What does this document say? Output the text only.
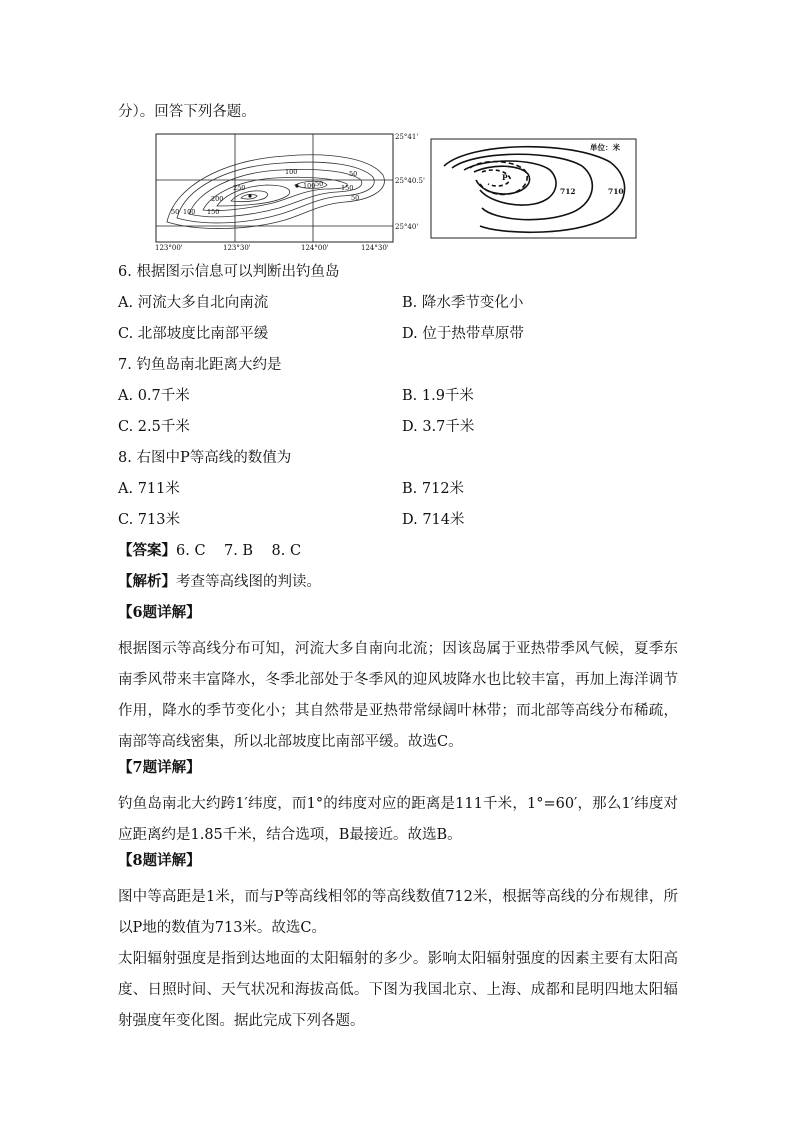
分）。回答下列各题。
250
200
150
100
50
100	50
50
100	150
50
25°41'
25°40.5'
25°40'
123°00'	123°30'	124°00'	124°30'
单位：米
712	710
P
6. 根据图示信息可以判断出钓鱼岛
A. 河流大多自北向南流	B. 降水季节变化小
C. 北部坡度比南部平缓	D. 位于热带草原带
7. 钓鱼岛南北距离大约是
A. 0.7千米	B. 1.9千米
C. 2.5千米	D. 3.7千米
8. 右图中P等高线的数值为
A. 711米	B. 712米
C. 713米	D. 714米
【答案】6. C    7. B    8. C
【解析】考查等高线图的判读。
【6题详解】
根据图示等高线分布可知，河流大多自南向北流；因该岛属于亚热带季风气候，夏季东南季风带来丰富降水，冬季北部处于冬季风的迎风坡降水也比较丰富，再加上海洋调节作用，降水的季节变化小；其自然带是亚热带常绿阔叶林带；而北部等高线分布稀疏，南部等高线密集，所以北部坡度比南部平缓。故选C。
【7题详解】
钓鱼岛南北大约跨1′纬度，而1°的纬度对应的距离是111千米，1°=60′，那么1′纬度对应距离约是1.85千米，结合选项，B最接近。故选B。
【8题详解】
图中等高距是1米，而与P等高线相邻的等高线数值712米，根据等高线的分布规律，所以P地的数值为713米。故选C。
太阳辐射强度是指到达地面的太阳辐射的多少。影响太阳辐射强度的因素主要有太阳高度、日照时间、天气状况和海拔高低。下图为我国北京、上海、成都和昆明四地太阳辐射强度年变化图。据此完成下列各题。
